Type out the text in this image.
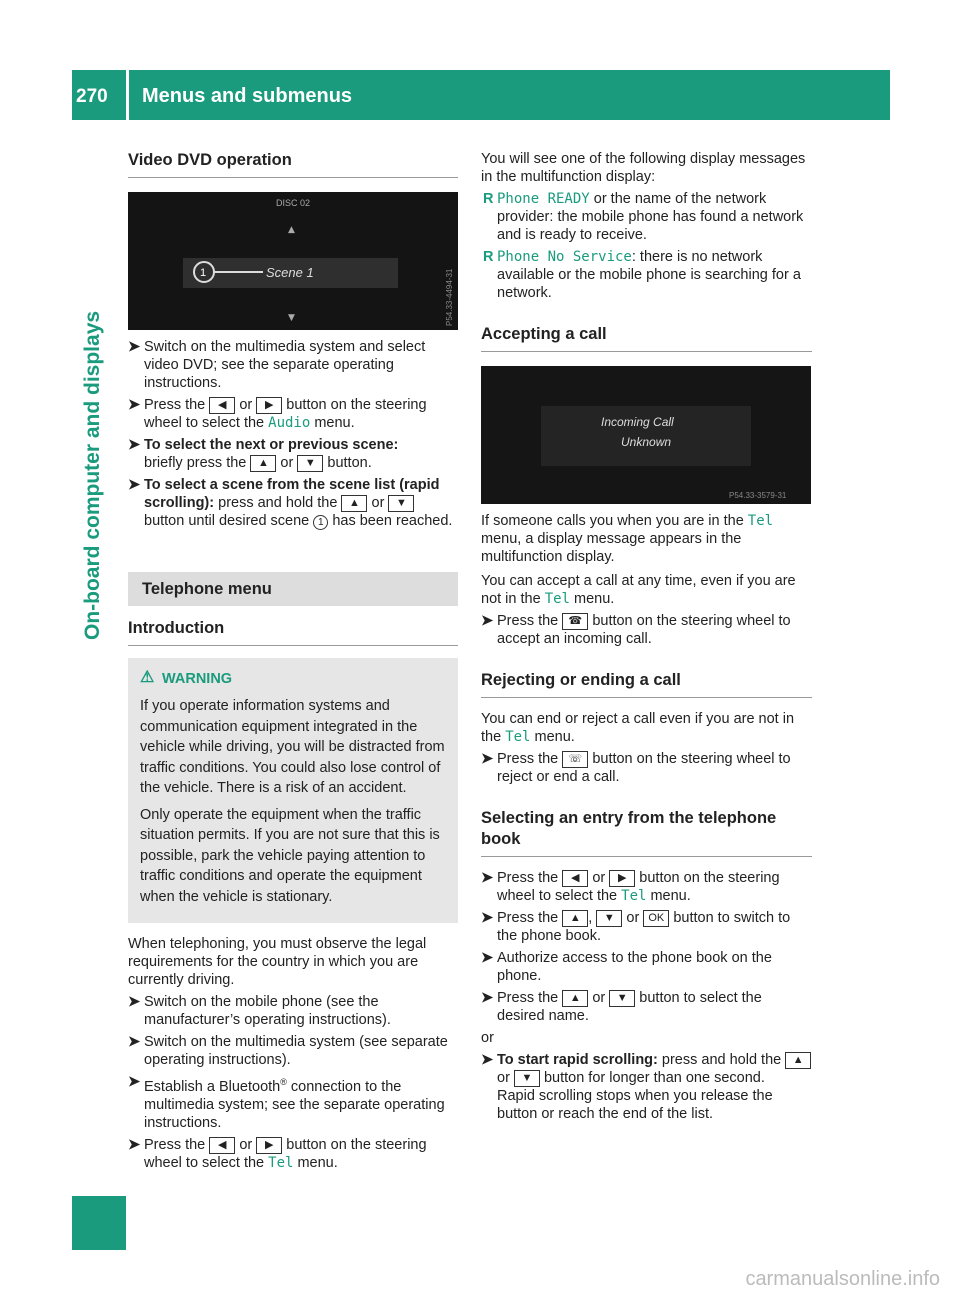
270 Menus and submenus
On-board computer and displays
Video DVD operation
DISC 02
▲
1	Scene 1
▼	P54.33-4494-31
➤ Switch on the multimedia system and select video DVD; see the separate operating instructions.
➤ Press the ◀ or ▶ button on the steering wheel to select the Audio menu.
➤ To select the next or previous scene:
briefly press the ▲ or ▼ button.
➤ To select a scene from the scene list (rapid scrolling): press and hold the ▲ or ▼ button until desired scene 1 has been reached.
Telephone menu
Introduction
⚠ WARNING

If you operate information systems and communication equipment integrated in the vehicle while driving, you will be distracted from traffic conditions. You could also lose control of the vehicle. There is a risk of an accident.

Only operate the equipment when the traffic situation permits. If you are not sure that this is possible, park the vehicle paying attention to traffic conditions and operate the equipment when the vehicle is stationary.

When telephoning, you must observe the legal requirements for the country in which you are currently driving.

➤ Switch on the mobile phone (see the manufacturer’s operating instructions).
➤ Switch on the multimedia system (see separate operating instructions).
➤ Establish a Bluetooth® connection to the multimedia system; see the separate operating instructions.
➤ Press the ◀ or ▶ button on the steering wheel to select the Tel menu.

You will see one of the following display messages in the multifunction display:

R Phone READY or the name of the network provider: the mobile phone has found a network and is ready to receive.
R Phone No Service: there is no network available or the mobile phone is searching for a network.
Accepting a call
Incoming Call
Unknown
P54.33-3579-31

If someone calls you when you are in the Tel menu, a display message appears in the multifunction display.

You can accept a call at any time, even if you are not in the Tel menu.

➤ Press the ☎ button on the steering wheel to accept an incoming call.
Rejecting or ending a call

You can end or reject a call even if you are not in the Tel menu.

➤ Press the ☏ button on the steering wheel to reject or end a call.
Selecting an entry from the telephone book
➤ Press the ◀ or ▶ button on the steering wheel to select the Tel menu.
➤ Press the ▲ , ▼ or OK button to switch to the phone book.
➤ Authorize access to the phone book on the phone.
➤ Press the ▲ or ▼ button to select the desired name.

or

➤ To start rapid scrolling: press and hold the ▲ or ▼ button for longer than one second.
Rapid scrolling stops when you release the button or reach the end of the list.
carmanualsonline.info
